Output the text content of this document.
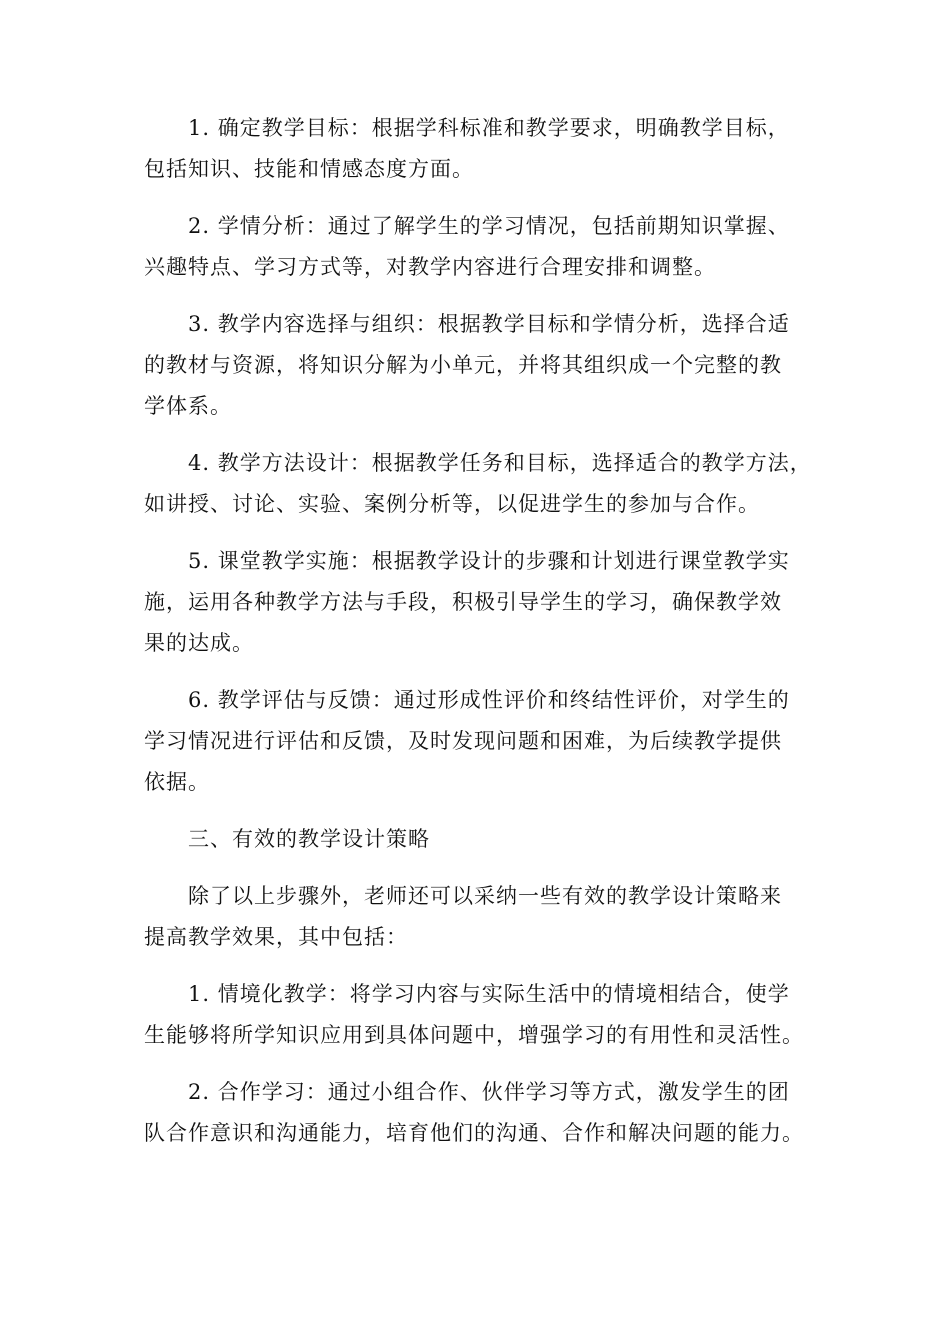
1. 确定教学目标：根据学科标准和教学要求，明确教学目标，
包括知识、技能和情感态度方面。

2. 学情分析：通过了解学生的学习情况，包括前期知识掌握、
兴趣特点、学习方式等，对教学内容进行合理安排和调整。

3. 教学内容选择与组织：根据教学目标和学情分析，选择合适
的教材与资源，将知识分解为小单元，并将其组织成一个完整的教
学体系。

4. 教学方法设计：根据教学任务和目标，选择适合的教学方法，
如讲授、讨论、实验、案例分析等，以促进学生的参加与合作。

5. 课堂教学实施：根据教学设计的步骤和计划进行课堂教学实
施，运用各种教学方法与手段，积极引导学生的学习，确保教学效
果的达成。

6. 教学评估与反馈：通过形成性评价和终结性评价，对学生的
学习情况进行评估和反馈，及时发现问题和困难，为后续教学提供
依据。

三、有效的教学设计策略

除了以上步骤外，老师还可以采纳一些有效的教学设计策略来
提高教学效果，其中包括：

1. 情境化教学：将学习内容与实际生活中的情境相结合，使学
生能够将所学知识应用到具体问题中，增强学习的有用性和灵活性。

2. 合作学习：通过小组合作、伙伴学习等方式，激发学生的团
队合作意识和沟通能力，培育他们的沟通、合作和解决问题的能力。
